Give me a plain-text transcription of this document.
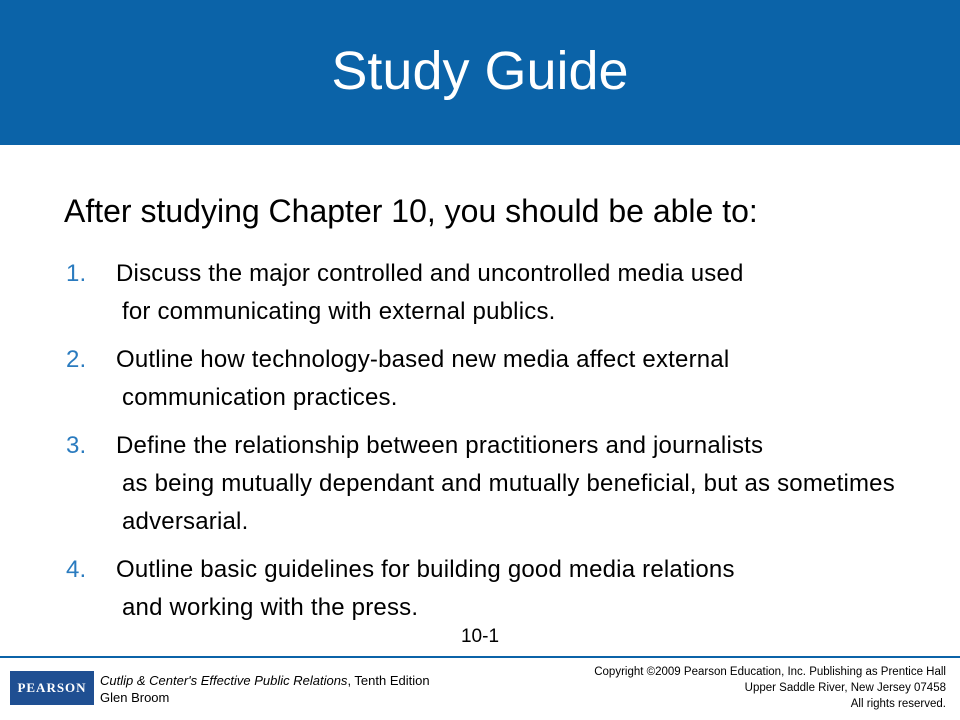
Study Guide
After studying Chapter 10, you should be able to:
1. Discuss the major controlled and uncontrolled media used
for communicating with external publics.
2. Outline how technology-based new media affect external
communication practices.
3. Define the relationship between practitioners and journalists
as being mutually dependant and mutually beneficial, but as sometimes adversarial.
4. Outline basic guidelines for building good media relations
and working with the press.
10-1
PEARSON Cutlip & Center's Effective Public Relations, Tenth Edition
Glen Broom
Copyright ©2009 Pearson Education, Inc. Publishing as Prentice Hall
Upper Saddle River, New Jersey 07458
All rights reserved.
